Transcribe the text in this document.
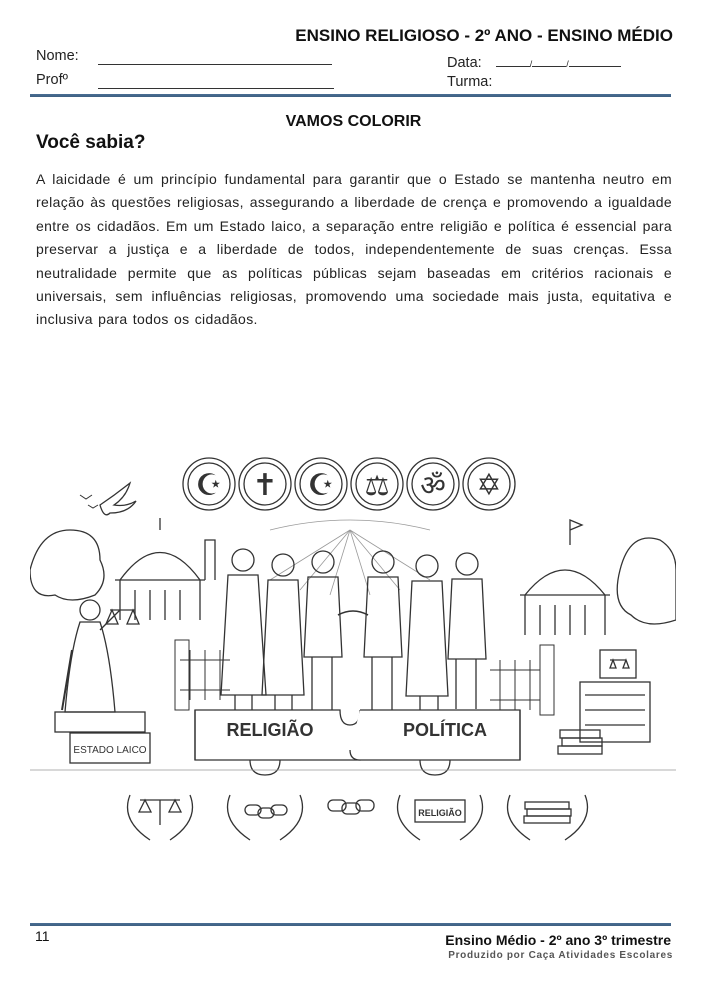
ENSINO RELIGIOSO - 2º ANO - ENSINO MÉDIO
Nome:
Profº
Data:	/	/
Turma:
VAMOS COLORIR
Você sabia?
A laicidade é um princípio fundamental para garantir que o Estado se mantenha neutro em relação às questões religiosas, assegurando a liberdade de crença e promovendo a igualdade entre os cidadãos. Em um Estado laico, a separação entre religião e política é essencial para preservar a justiça e a liberdade de todos, independentemente de suas crenças. Essa neutralidade permite que as políticas públicas sejam baseadas em critérios racionais e universais, sem influências religiosas, promovendo uma sociedade mais justa, equitativa e inclusiva para todos os cidadãos.
☪ ✝ ☪ ⚖ ॐ ✡
ESTADO LAICO
RELIGIÃO	POLÍTICA
RELIGIÃO
11	Ensino Médio - 2º ano 3º trimestre
Produzido por Caça Atividades Escolares
